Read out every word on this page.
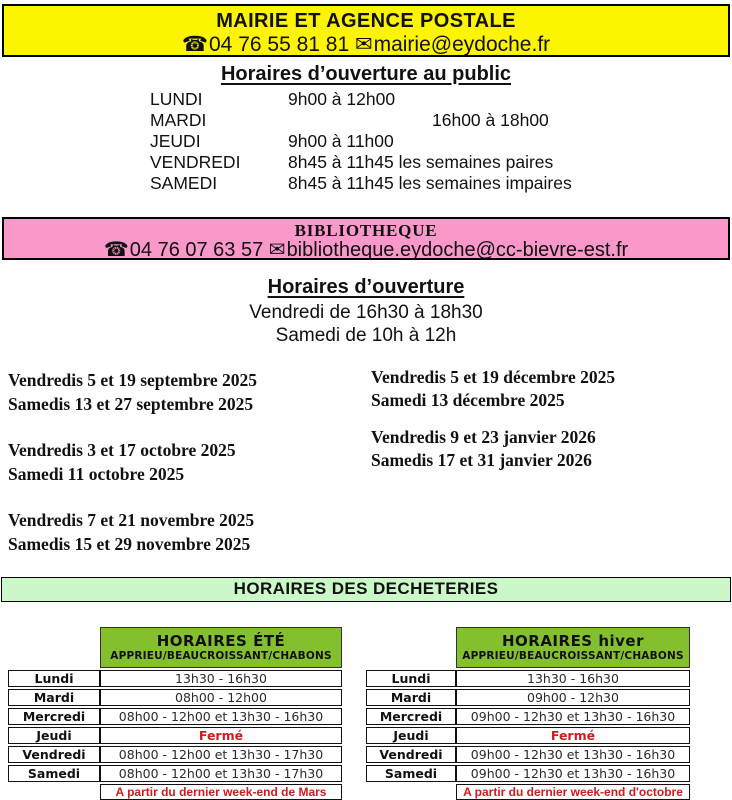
MAIRIE ET AGENCE POSTALE
☎04 76 55 81 81 ✉mairie@eydoche.fr
Horaires d’ouverture au public
LUNDI	9h00 à 12h00
MARDI	16h00 à 18h00
JEUDI	9h00 à 11h00
VENDREDI	8h45 à 11h45 les semaines paires
SAMEDI	8h45 à 11h45 les semaines impaires
BIBLIOTHEQUE
☎04 76 07 63 57 ✉bibliotheque.eydoche@cc-bievre-est.fr
Horaires d’ouverture
Vendredi de 16h30 à 18h30
Samedi de 10h à 12h
Vendredis 5 et 19 septembre 2025
Samedis 13 et 27 septembre 2025
Vendredis 3 et 17 octobre 2025
Samedi 11 octobre 2025
Vendredis 7 et 21 novembre 2025
Samedis 15 et 29 novembre 2025
Vendredis 5 et 19 décembre 2025
Samedi 13 décembre 2025
Vendredis 9 et 23 janvier 2026
Samedis 17 et 31 janvier 2026
HORAIRES DES DECHETERIES
HORAIRES ÉTÉ
APPRIEU/BEAUCROISSANT/CHABONS
Lundi	13h30 - 16h30
Mardi	08h00 - 12h00
Mercredi	08h00 - 12h00 et 13h30 - 16h30
Jeudi	Fermé
Vendredi	08h00 - 12h00 et 13h30 - 17h30
Samedi	08h00 - 12h00 et 13h30 - 17h30
A partir du dernier week-end de Mars
HORAIRES hiver
APPRIEU/BEAUCROISSANT/CHABONS
Lundi	13h30 - 16h30
Mardi	09h00 - 12h30
Mercredi	09h00 - 12h30 et 13h30 - 16h30
Jeudi	Fermé
Vendredi	09h00 - 12h30 et 13h30 - 16h30
Samedi	09h00 - 12h30 et 13h30 - 16h30
A partir du dernier week-end d'octobre
